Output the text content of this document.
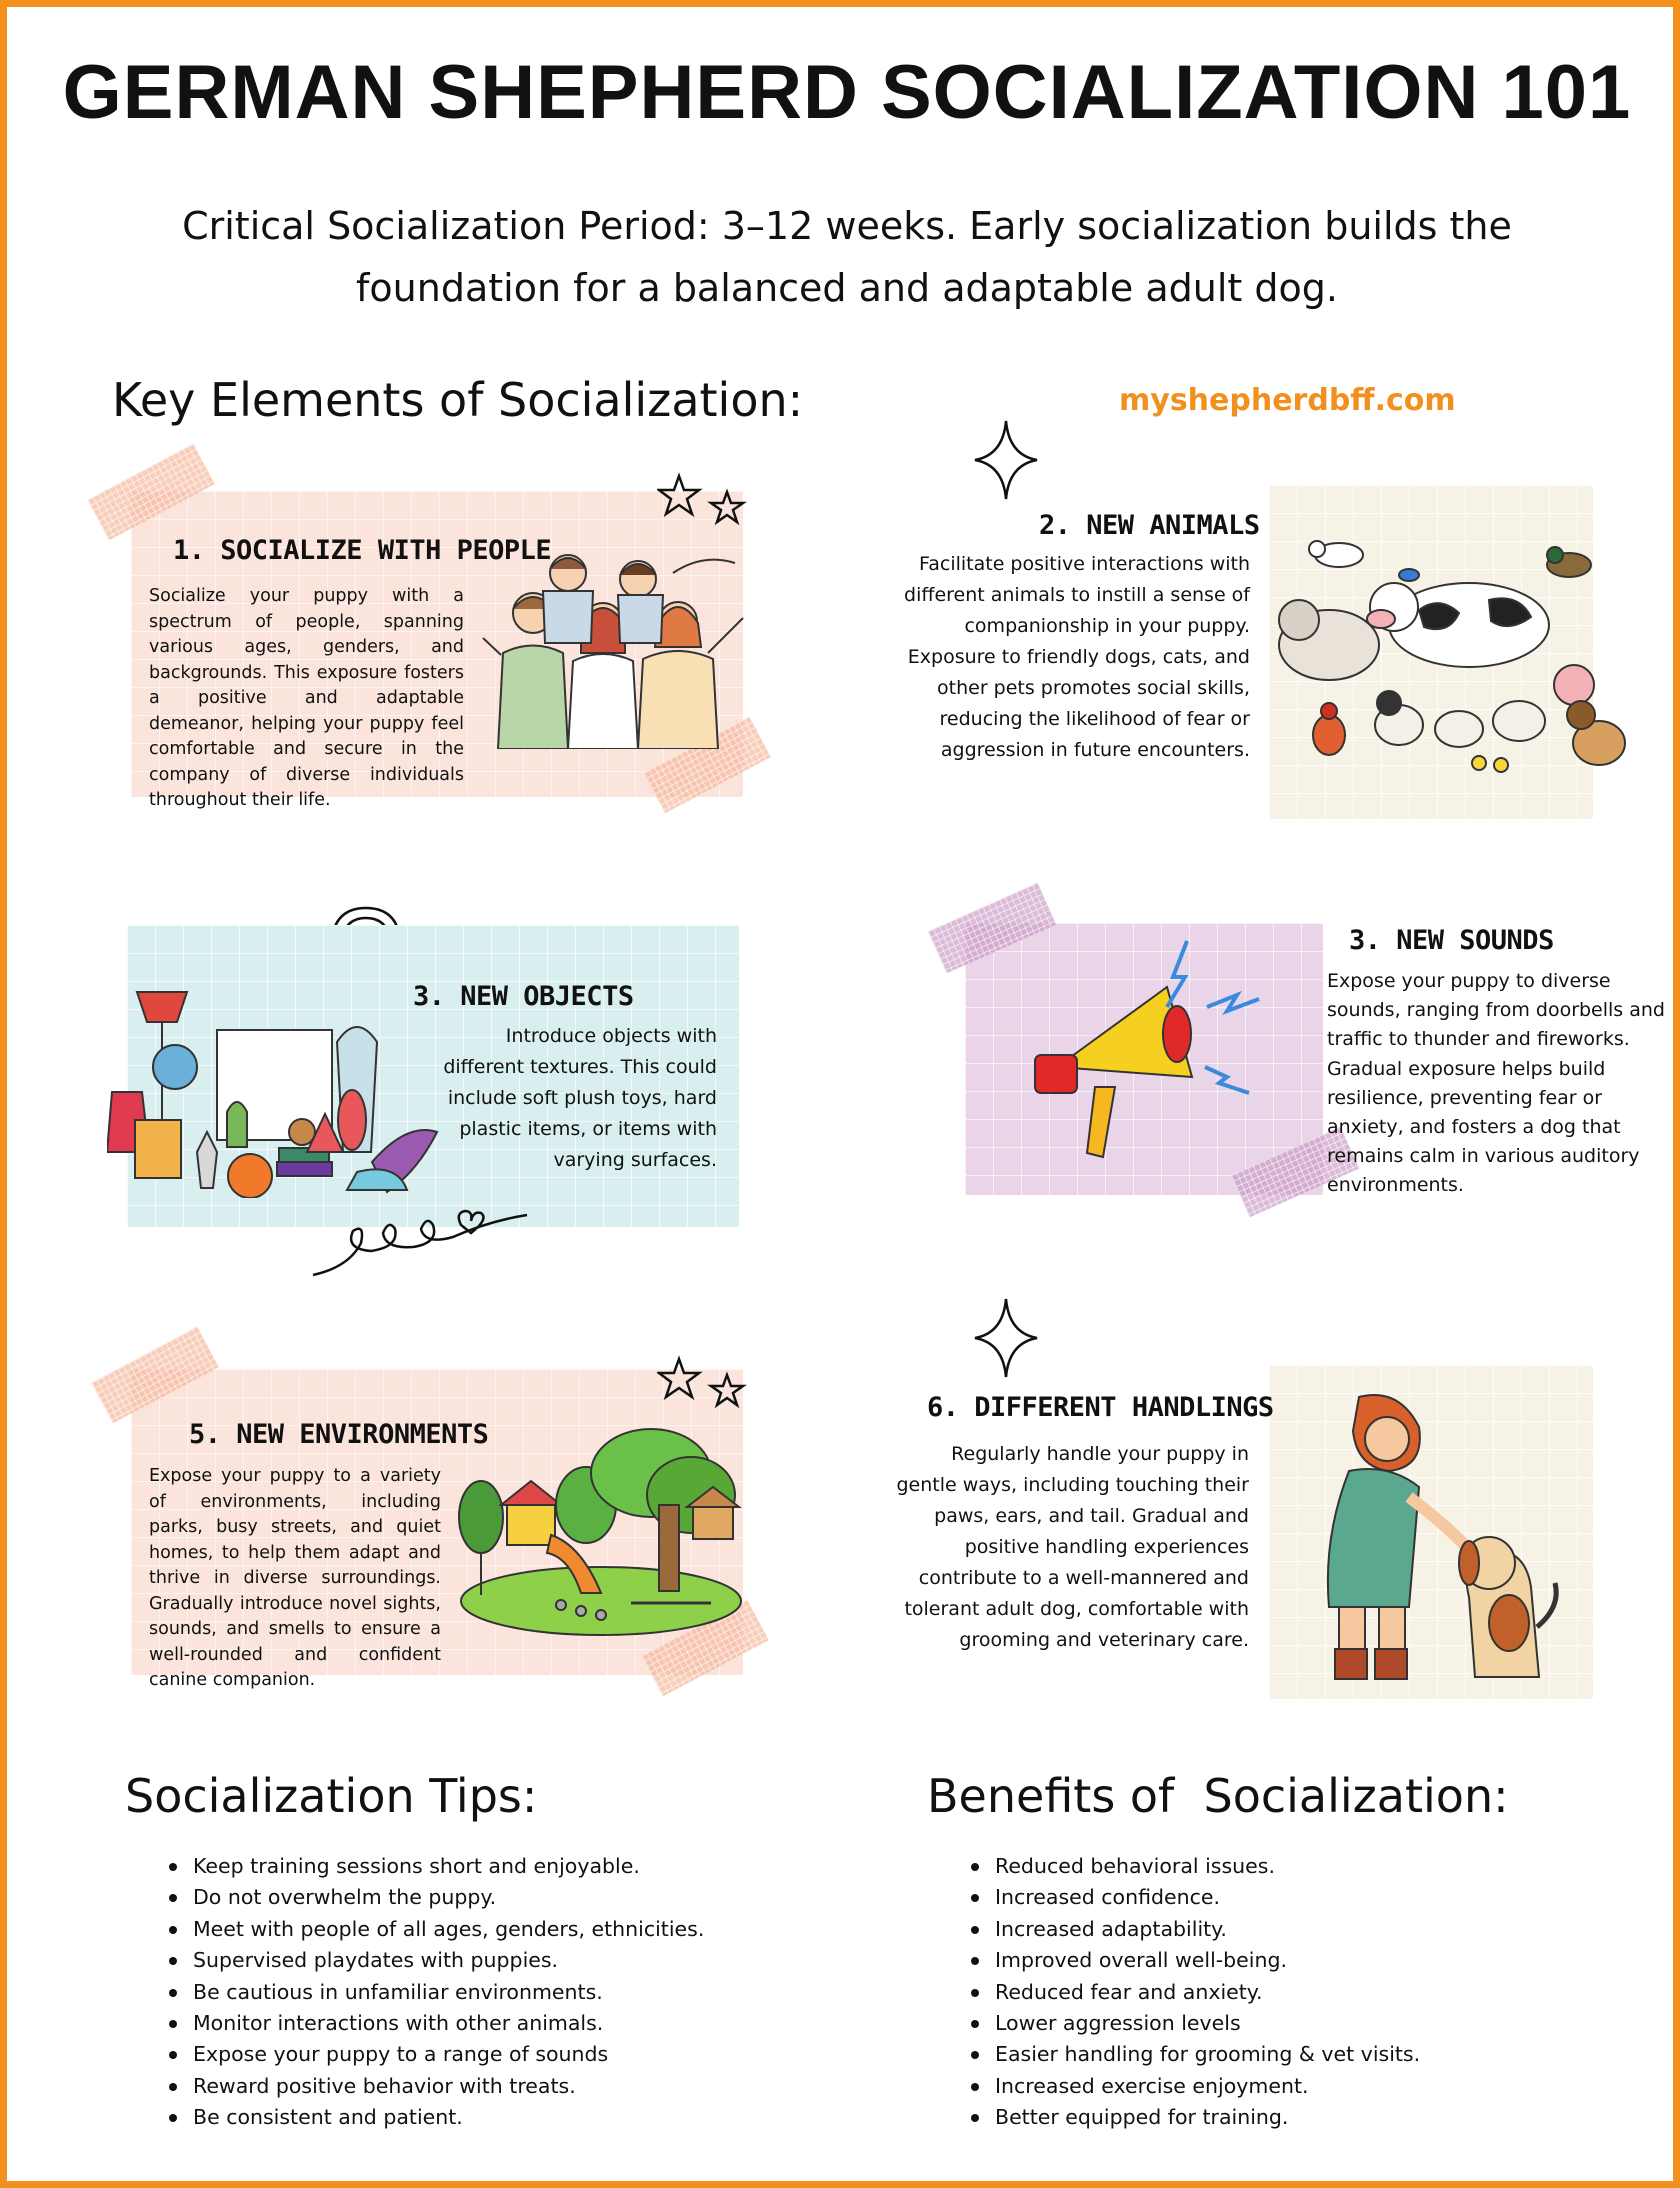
GERMAN SHEPHERD SOCIALIZATION 101

Critical Socialization Period: 3–12 weeks. Early socialization builds the foundation for a balanced and adaptable adult dog.

Key Elements of Socialization:	myshepherdbff.com
1. SOCIALIZE WITH PEOPLE
Socialize your puppy with a spectrum of people, spanning various ages, genders, and backgrounds. This exposure fosters a positive and adaptable demeanor, helping your puppy feel comfortable and secure in the company of diverse individuals throughout their life.
2. NEW ANIMALS
Facilitate positive interactions with different animals to instill a sense of companionship in your puppy. Exposure to friendly dogs, cats, and other pets promotes social skills, reducing the likelihood of fear or aggression in future encounters.
3. NEW OBJECTS
Introduce objects with different textures. This could include soft plush toys, hard plastic items, or items with varying surfaces.
3. NEW SOUNDS
Expose your puppy to diverse sounds, ranging from doorbells and traffic to thunder and fireworks. Gradual exposure helps build resilience, preventing fear or anxiety, and fosters a dog that remains calm in various auditory environments.
5. NEW ENVIRONMENTS
Expose your puppy to a variety of environments, including parks, busy streets, and quiet homes, to help them adapt and thrive in diverse surroundings. Gradually introduce novel sights, sounds, and smells to ensure a well-rounded and confident canine companion.
6. DIFFERENT HANDLINGS
Regularly handle your puppy in gentle ways, including touching their paws, ears, and tail. Gradual and positive handling experiences contribute to a well-mannered and tolerant adult dog, comfortable with grooming and veterinary care.
Socialization Tips:
Keep training sessions short and enjoyable.
Do not overwhelm the puppy.
Meet with people of all ages, genders, ethnicities.
Supervised playdates with puppies.
Be cautious in unfamiliar environments.
Monitor interactions with other animals.
Expose your puppy to a range of sounds
Reward positive behavior with treats.
Be consistent and patient.
Benefits of  Socialization:
Reduced behavioral issues.
Increased confidence.
Increased adaptability.
Improved overall well-being.
Reduced fear and anxiety.
Lower aggression levels
Easier handling for grooming & vet visits.
Increased exercise enjoyment.
Better equipped for training.
